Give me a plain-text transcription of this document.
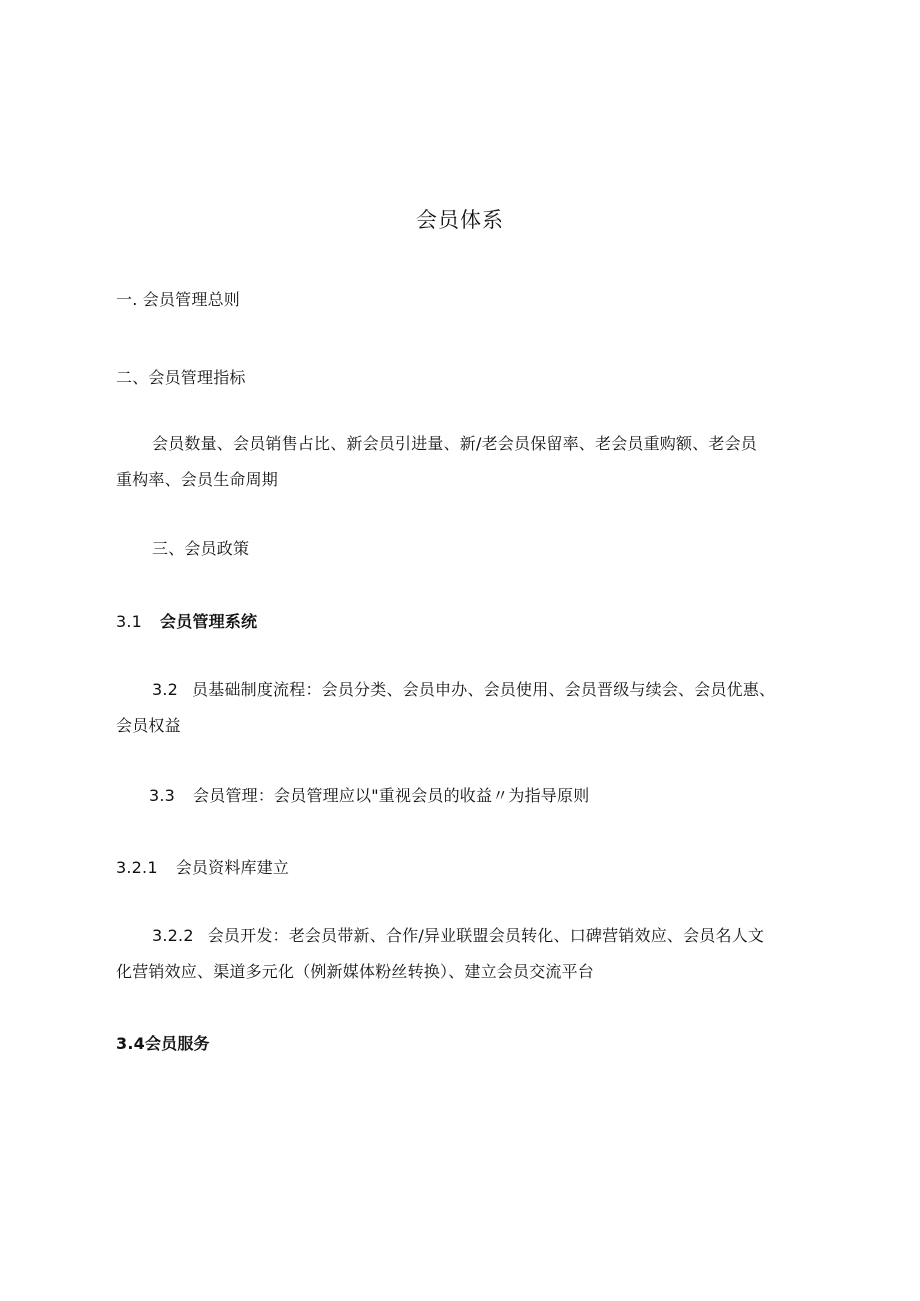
会员体系
一. 会员管理总则
二、会员管理指标
会员数量、会员销售占比、新会员引进量、新/老会员保留率、老会员重购额、老会员
重构率、会员生命周期
三、会员政策
3.1 会员管理系统
3.2 员基础制度流程：会员分类、会员申办、会员使用、会员晋级与续会、会员优惠、
会员权益
3.3 会员管理：会员管理应以"重视会员的收益〃为指导原则
3.2.1 会员资料库建立
3.2.2 会员开发：老会员带新、合作/异业联盟会员转化、口碑营销效应、会员名人文
化营销效应、渠道多元化（例新媒体粉丝转换）、建立会员交流平台
3.4会员服务
